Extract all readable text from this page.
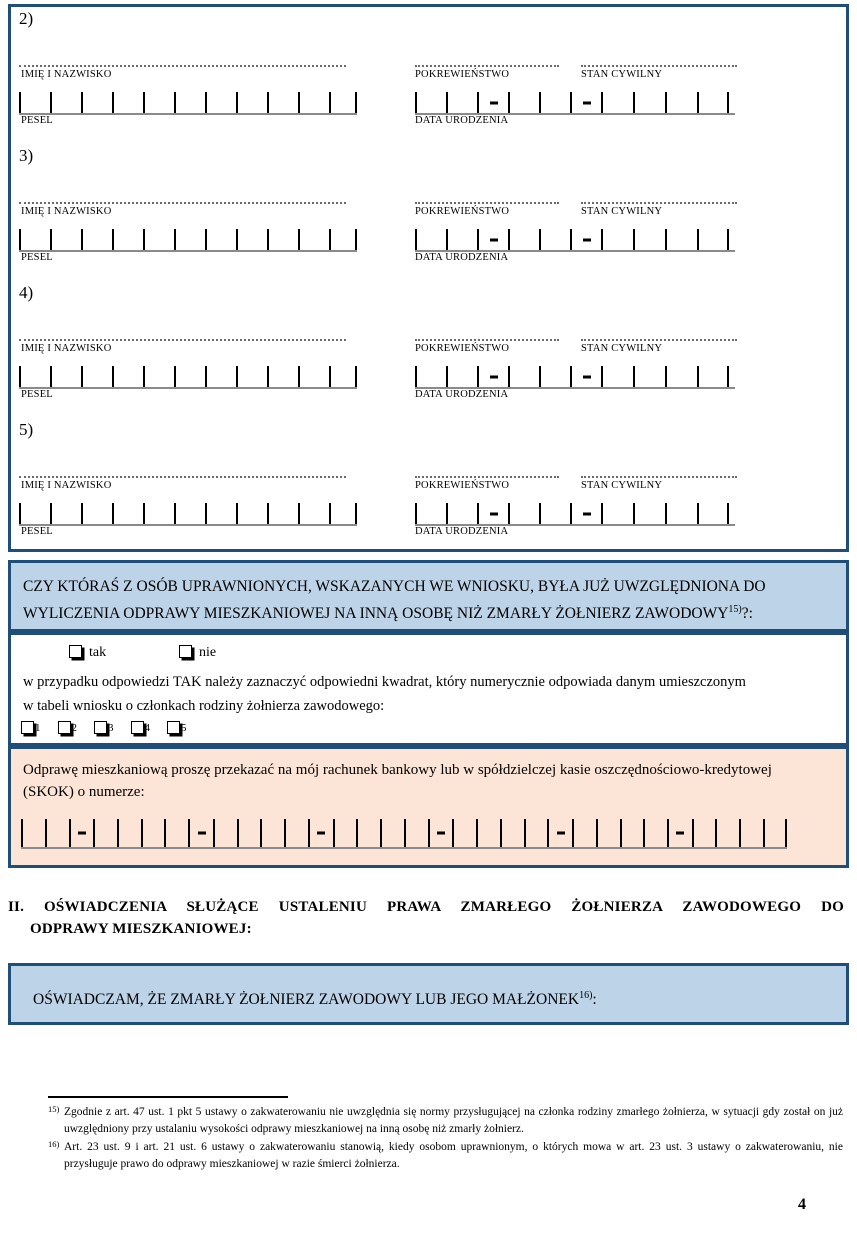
2)
IMIĘ I NAZWISKO	POKREWIEŃSTWO	STAN CYWILNY
PESEL	DATA URODZENIA
3)
IMIĘ I NAZWISKO	POKREWIEŃSTWO	STAN CYWILNY
PESEL	DATA URODZENIA
4)
IMIĘ I NAZWISKO	POKREWIEŃSTWO	STAN CYWILNY
PESEL	DATA URODZENIA
5)
IMIĘ I NAZWISKO	POKREWIEŃSTWO	STAN CYWILNY
PESEL	DATA URODZENIA
CZY KTÓRAŚ Z OSÓB UPRAWNIONYCH, WSKAZANYCH WE WNIOSKU, BYŁA JUŻ UWZGLĘDNIONA DO
WYLICZENIA ODPRAWY MIESZKANIOWEJ NA INNĄ OSOBĘ NIŻ ZMARŁY ŻOŁNIERZ ZAWODOWY$^{15)}$?:
tak	nie
w przypadku odpowiedzi TAK należy zaznaczyć odpowiedni kwadrat, który numerycznie odpowiada danym umieszczonym
w tabeli wniosku o członkach rodziny żołnierza zawodowego:
1	2	3	4	5
Odprawę mieszkaniową proszę przekazać na mój rachunek bankowy lub w spółdzielczej kasie oszczędnościowo-kredytowej
(SKOK) o numerze:
II. OŚWIADCZENIA SŁUŻĄCE USTALENIU PRAWA ZMARŁEGO ŻOŁNIERZA ZAWODOWEGO DO
ODPRAWY MIESZKANIOWEJ:
OŚWIADCZAM, ŻE ZMARŁY ŻOŁNIERZ ZAWODOWY LUB JEGO MAŁŻONEK$^{16)}$:
15) Zgodnie z art. 47 ust. 1 pkt 5 ustawy o zakwaterowaniu nie uwzględnia się normy przysługującej na członka rodziny zmarłego żołnierza, w sytuacji gdy został on już uwzględniony przy ustalaniu wysokości odprawy mieszkaniowej na inną osobę niż zmarły żołnierz.
16) Art. 23 ust. 9 i art. 21 ust. 6 ustawy o zakwaterowaniu stanowią, kiedy osobom uprawnionym, o których mowa w art. 23 ust. 3 ustawy o zakwaterowaniu, nie przysługuje prawo do odprawy mieszkaniowej w razie śmierci żołnierza.
4
